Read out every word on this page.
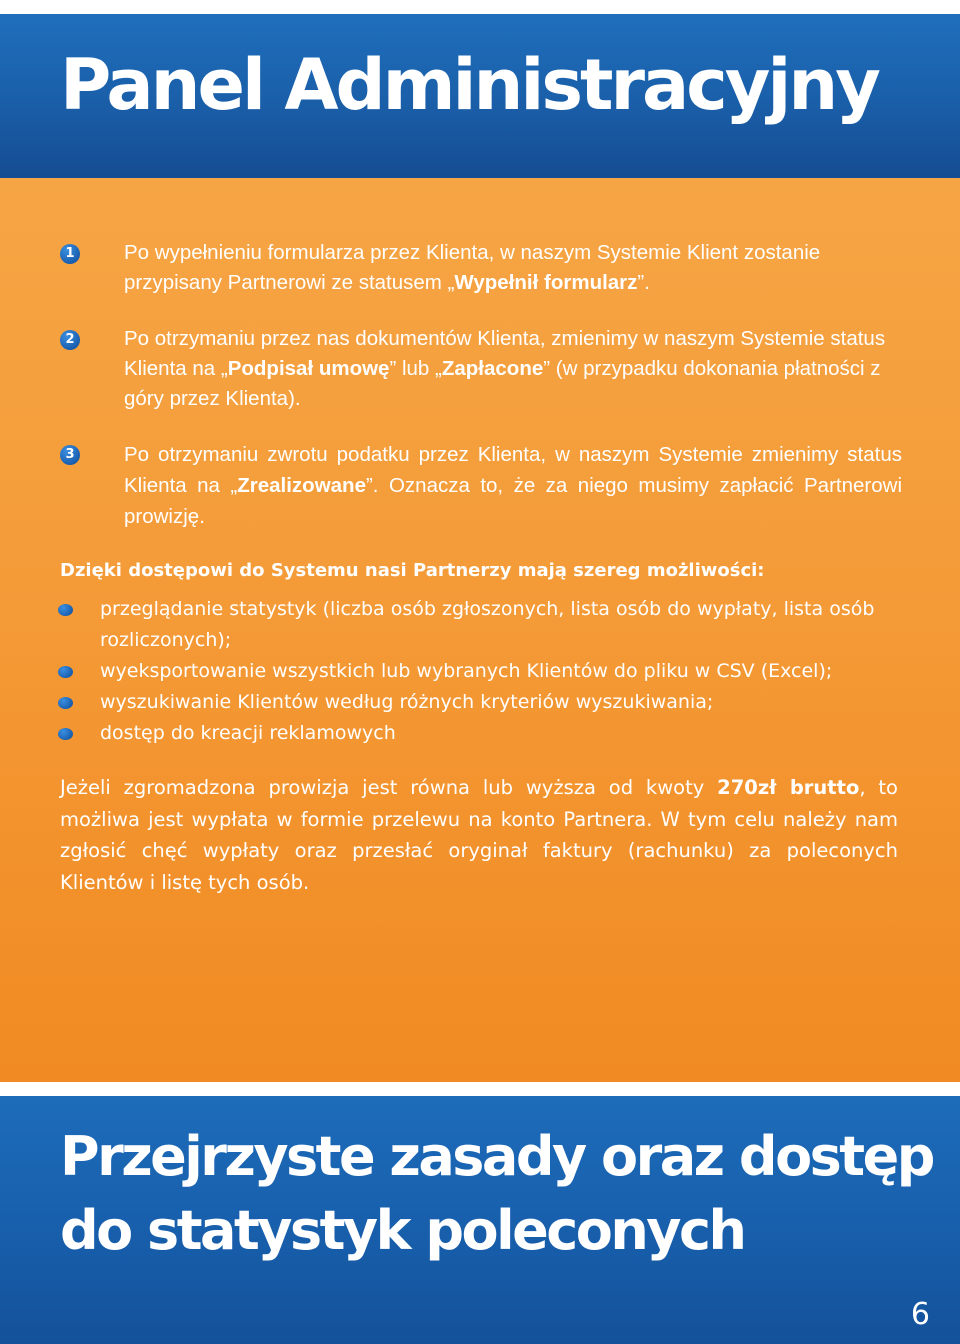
Panel Administracyjny
1 Po wypełnieniu formularza przez Klienta, w naszym Systemie Klient zostanie przypisany Partnerowi ze statusem „Wypełnił formularz”.

2 Po otrzymaniu przez nas dokumentów Klienta, zmienimy w naszym Systemie status Klienta na „Podpisał umowę” lub „Zapłacone” (w przypadku dokonania płatności z góry przez Klienta).

3 Po otrzymaniu zwrotu podatku przez Klienta, w naszym Systemie zmienimy status Klienta na „Zrealizowane”. Oznacza to, że za niego musimy zapłacić Partnerowi prowizję.

Dzięki dostępowi do Systemu nasi Partnerzy mają szereg możliwości:
przeglądanie statystyk (liczba osób zgłoszonych, lista osób do wypłaty, lista osób rozliczonych);
wyeksportowanie wszystkich lub wybranych Klientów do pliku w CSV (Excel);
wyszukiwanie Klientów według różnych kryteriów wyszukiwania;
dostęp do kreacji reklamowych

Jeżeli zgromadzona prowizja jest równa lub wyższa od kwoty 270zł brutto, to możliwa jest wypłata w formie przelewu na konto Partnera. W tym celu należy nam zgłosić chęć wypłaty oraz przesłać oryginał faktury (rachunku) za poleconych Klientów i listę tych osób.

Przejrzyste zasady oraz dostęp
do statystyk poleconych
6
